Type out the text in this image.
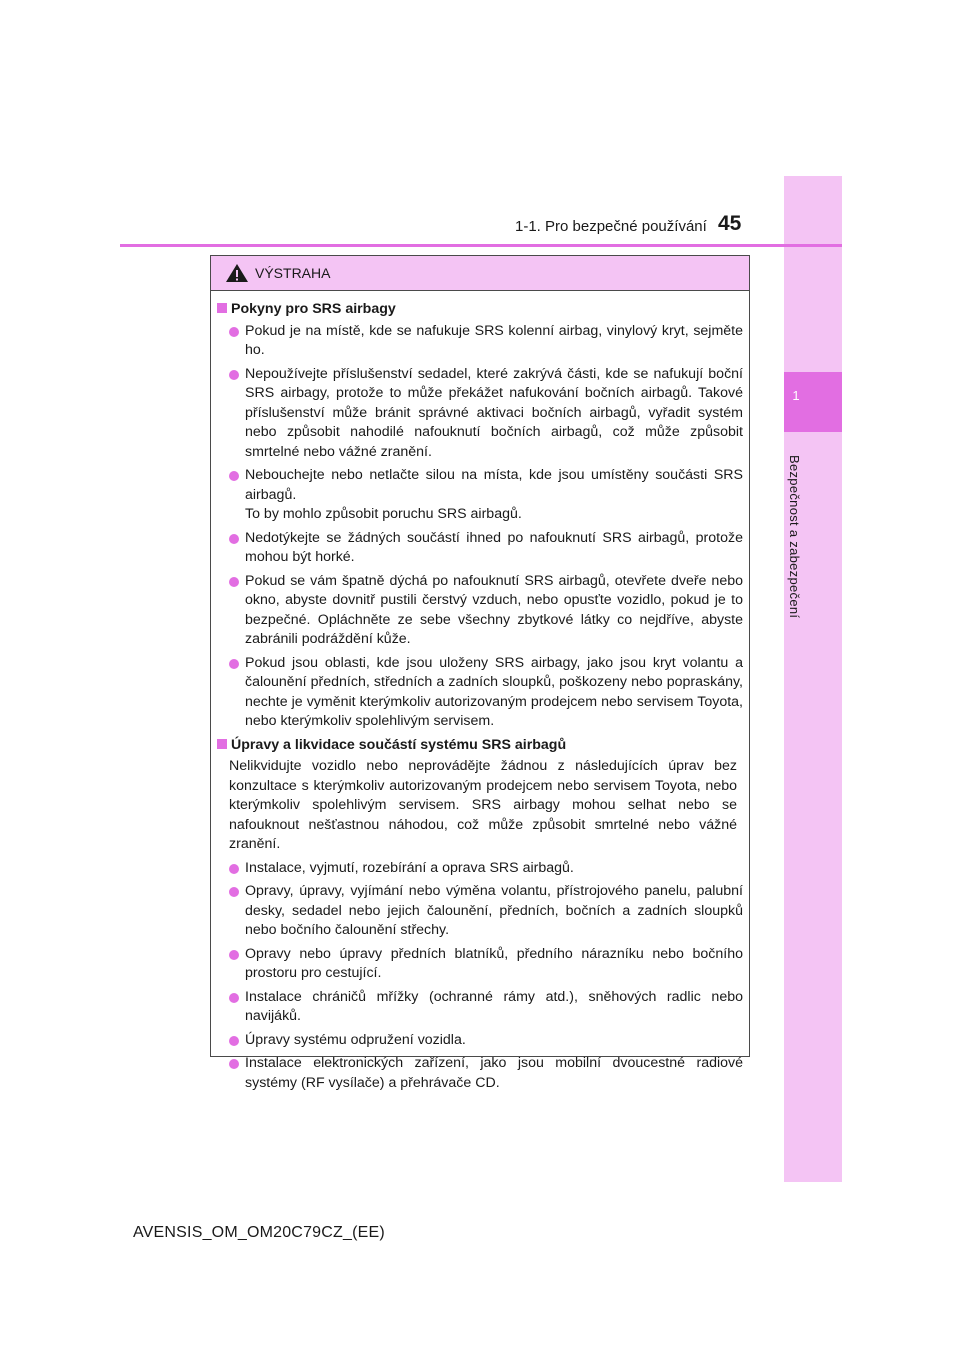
1
Bezpečnost a zabezpečení
1-1. Pro bezpečné používání 45
VÝSTRAHA
Pokyny pro SRS airbagy
Pokud je na místě, kde se nafukuje SRS kolenní airbag, vinylový kryt, sejměte ho.
Nepoužívejte příslušenství sedadel, které zakrývá části, kde se nafukují boční SRS airbagy, protože to může překážet nafukování bočních airbagů. Takové příslušenství může bránit správné aktivaci bočních airbagů, vyřadit systém nebo způsobit nahodilé nafouknutí bočních airbagů, což může způsobit smrtelné nebo vážné zranění.
Nebouchejte nebo netlačte silou na místa, kde jsou umístěny součásti SRS airbagů.
To by mohlo způsobit poruchu SRS airbagů.
Nedotýkejte se žádných součástí ihned po nafouknutí SRS airbagů, protože mohou být horké.
Pokud se vám špatně dýchá po nafouknutí SRS airbagů, otevřete dveře nebo okno, abyste dovnitř pustili čerstvý vzduch, nebo opusťte vozidlo, pokud je to bezpečné. Opláchněte ze sebe všechny zbytkové látky co nejdříve, abyste zabránili podráždění kůže.
Pokud jsou oblasti, kde jsou uloženy SRS airbagy, jako jsou kryt volantu a čalounění předních, středních a zadních sloupků, poškozeny nebo popraskány, nechte je vyměnit kterýmkoliv autorizovaným prodejcem nebo servisem Toyota, nebo kterýmkoliv spolehlivým servisem.
Úpravy a likvidace součástí systému SRS airbagů
Nelikvidujte vozidlo nebo neprovádějte žádnou z následujících úprav bez konzultace s kterýmkoliv autorizovaným prodejcem nebo servisem Toyota, nebo kterýmkoliv spolehlivým servisem. SRS airbagy mohou selhat nebo se nafouknout nešťastnou náhodou, což může způsobit smrtelné nebo vážné zranění.
Instalace, vyjmutí, rozebírání a oprava SRS airbagů.
Opravy, úpravy, vyjímání nebo výměna volantu, přístrojového panelu, palubní desky, sedadel nebo jejich čalounění, předních, bočních a zadních sloupků nebo bočního čalounění střechy.
Opravy nebo úpravy předních blatníků, předního nárazníku nebo bočního prostoru pro cestující.
Instalace chráničů mřížky (ochranné rámy atd.), sněhových radlic nebo navijáků.
Úpravy systému odpružení vozidla.
Instalace elektronických zařízení, jako jsou mobilní dvoucestné radiové systémy (RF vysílače) a přehrávače CD.
AVENSIS_OM_OM20C79CZ_(EE)
